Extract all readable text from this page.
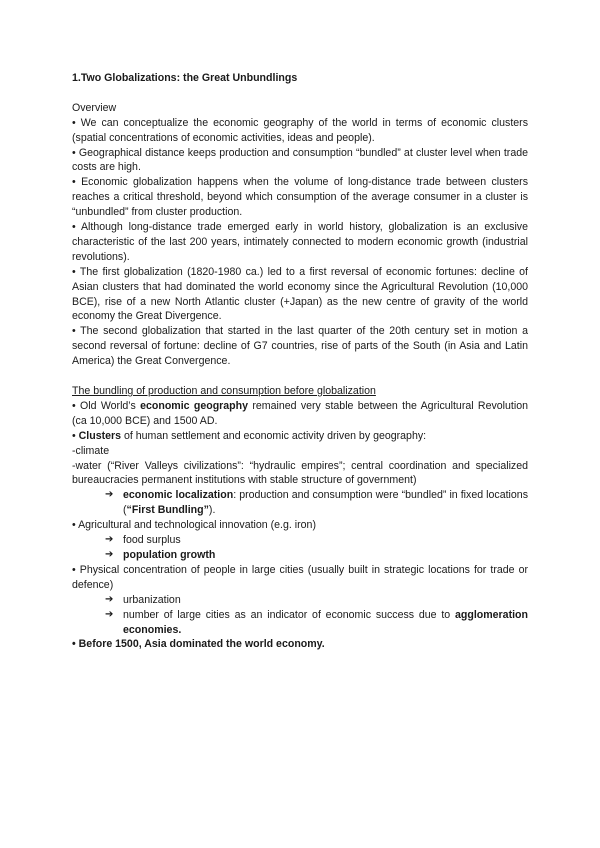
1.Two Globalizations: the Great Unbundlings

Overview

• We can conceptualize the economic geography of the world in terms of economic clusters (spatial concentrations of economic activities, ideas and people).

• Geographical distance keeps production and consumption “bundled” at cluster level when trade costs are high.

• Economic globalization happens when the volume of long-distance trade between clusters reaches a critical threshold, beyond which consumption of the average consumer in a cluster is “unbundled” from cluster production.

• Although long-distance trade emerged early in world history, globalization is an exclusive characteristic of the last 200 years, intimately connected to modern economic growth (industrial revolutions).

• The first globalization (1820-1980 ca.) led to a first reversal of economic fortunes: decline of Asian clusters that had dominated the world economy since the Agricultural Revolution (10,000 BCE), rise of a new North Atlantic cluster (+Japan) as the new centre of gravity of the world economy the Great Divergence.

• The second globalization that started in the last quarter of the 20th century set in motion a second reversal of fortune: decline of G7 countries, rise of parts of the South (in Asia and Latin America) the Great Convergence.

The bundling of production and consumption before globalization

• Old World’s economic geography remained very stable between the Agricultural Revolution (ca 10,000 BCE) and 1500 AD.

• Clusters of human settlement and economic activity driven by geography:

-climate

-water (“River Valleys civilizations”: “hydraulic empires”; central coordination and specialized bureaucracies permanent institutions with stable structure of government)

➔ economic localization: production and consumption were “bundled” in fixed locations (“First Bundling”).

• Agricultural and technological innovation (e.g. iron)

➔ food surplus
➔ population growth

• Physical concentration of people in large cities (usually built in strategic locations for trade or defence)

➔ urbanization
➔ number of large cities as an indicator of economic success due to agglomeration economies.

• Before 1500, Asia dominated the world economy.
